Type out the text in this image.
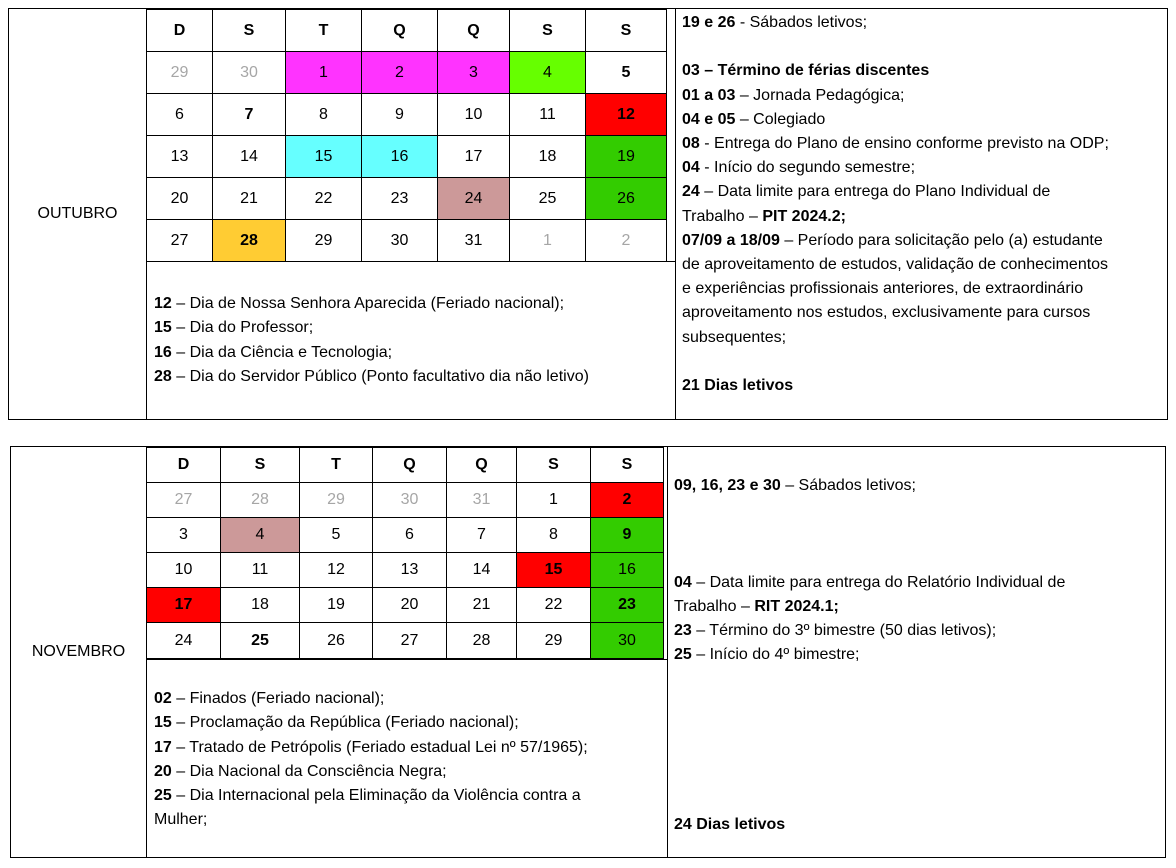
OUTUBRO
D	S	T	Q	Q	S	S
29	30	1	2	3	4	5
6	7	8	9	10	11	12
13	14	15	16	17	18	19
20	21	22	23	24	25	26
27	28	29	30	31	1	2
12 – Dia de Nossa Senhora Aparecida (Feriado nacional);
15 – Dia do Professor;
16 – Dia da Ciência e Tecnologia;
28 – Dia do Servidor Público (Ponto facultativo dia não letivo)
19 e 26 - Sábados letivos;
03 – Término de férias discentes
01 a 03 – Jornada Pedagógica;
04 e 05 – Colegiado
08 - Entrega do Plano de ensino conforme previsto na ODP;
04 - Início do segundo semestre;
24 – Data limite para entrega do Plano Individual de
Trabalho – PIT 2024.2;
07/09 a 18/09 – Período para solicitação pelo (a) estudante
de aproveitamento de estudos, validação de conhecimentos
e experiências profissionais anteriores, de extraordinário
aproveitamento nos estudos, exclusivamente para cursos
subsequentes;
21 Dias letivos
NOVEMBRO
D	S	T	Q	Q	S	S
27	28	29	30	31	1	2
3	4	5	6	7	8	9
10	11	12	13	14	15	16
17	18	19	20	21	22	23
24	25	26	27	28	29	30
02 – Finados (Feriado nacional);
15 – Proclamação da República (Feriado nacional);
17 – Tratado de Petrópolis (Feriado estadual Lei nº 57/1965);
20 – Dia Nacional da Consciência Negra;
25 – Dia Internacional pela Eliminação da Violência contra a
Mulher;
09, 16, 23 e 30 – Sábados letivos;
04 – Data limite para entrega do Relatório Individual de
Trabalho – RIT 2024.1;
23 – Término do 3º bimestre (50 dias letivos);
25 – Início do 4º bimestre;
24 Dias letivos
